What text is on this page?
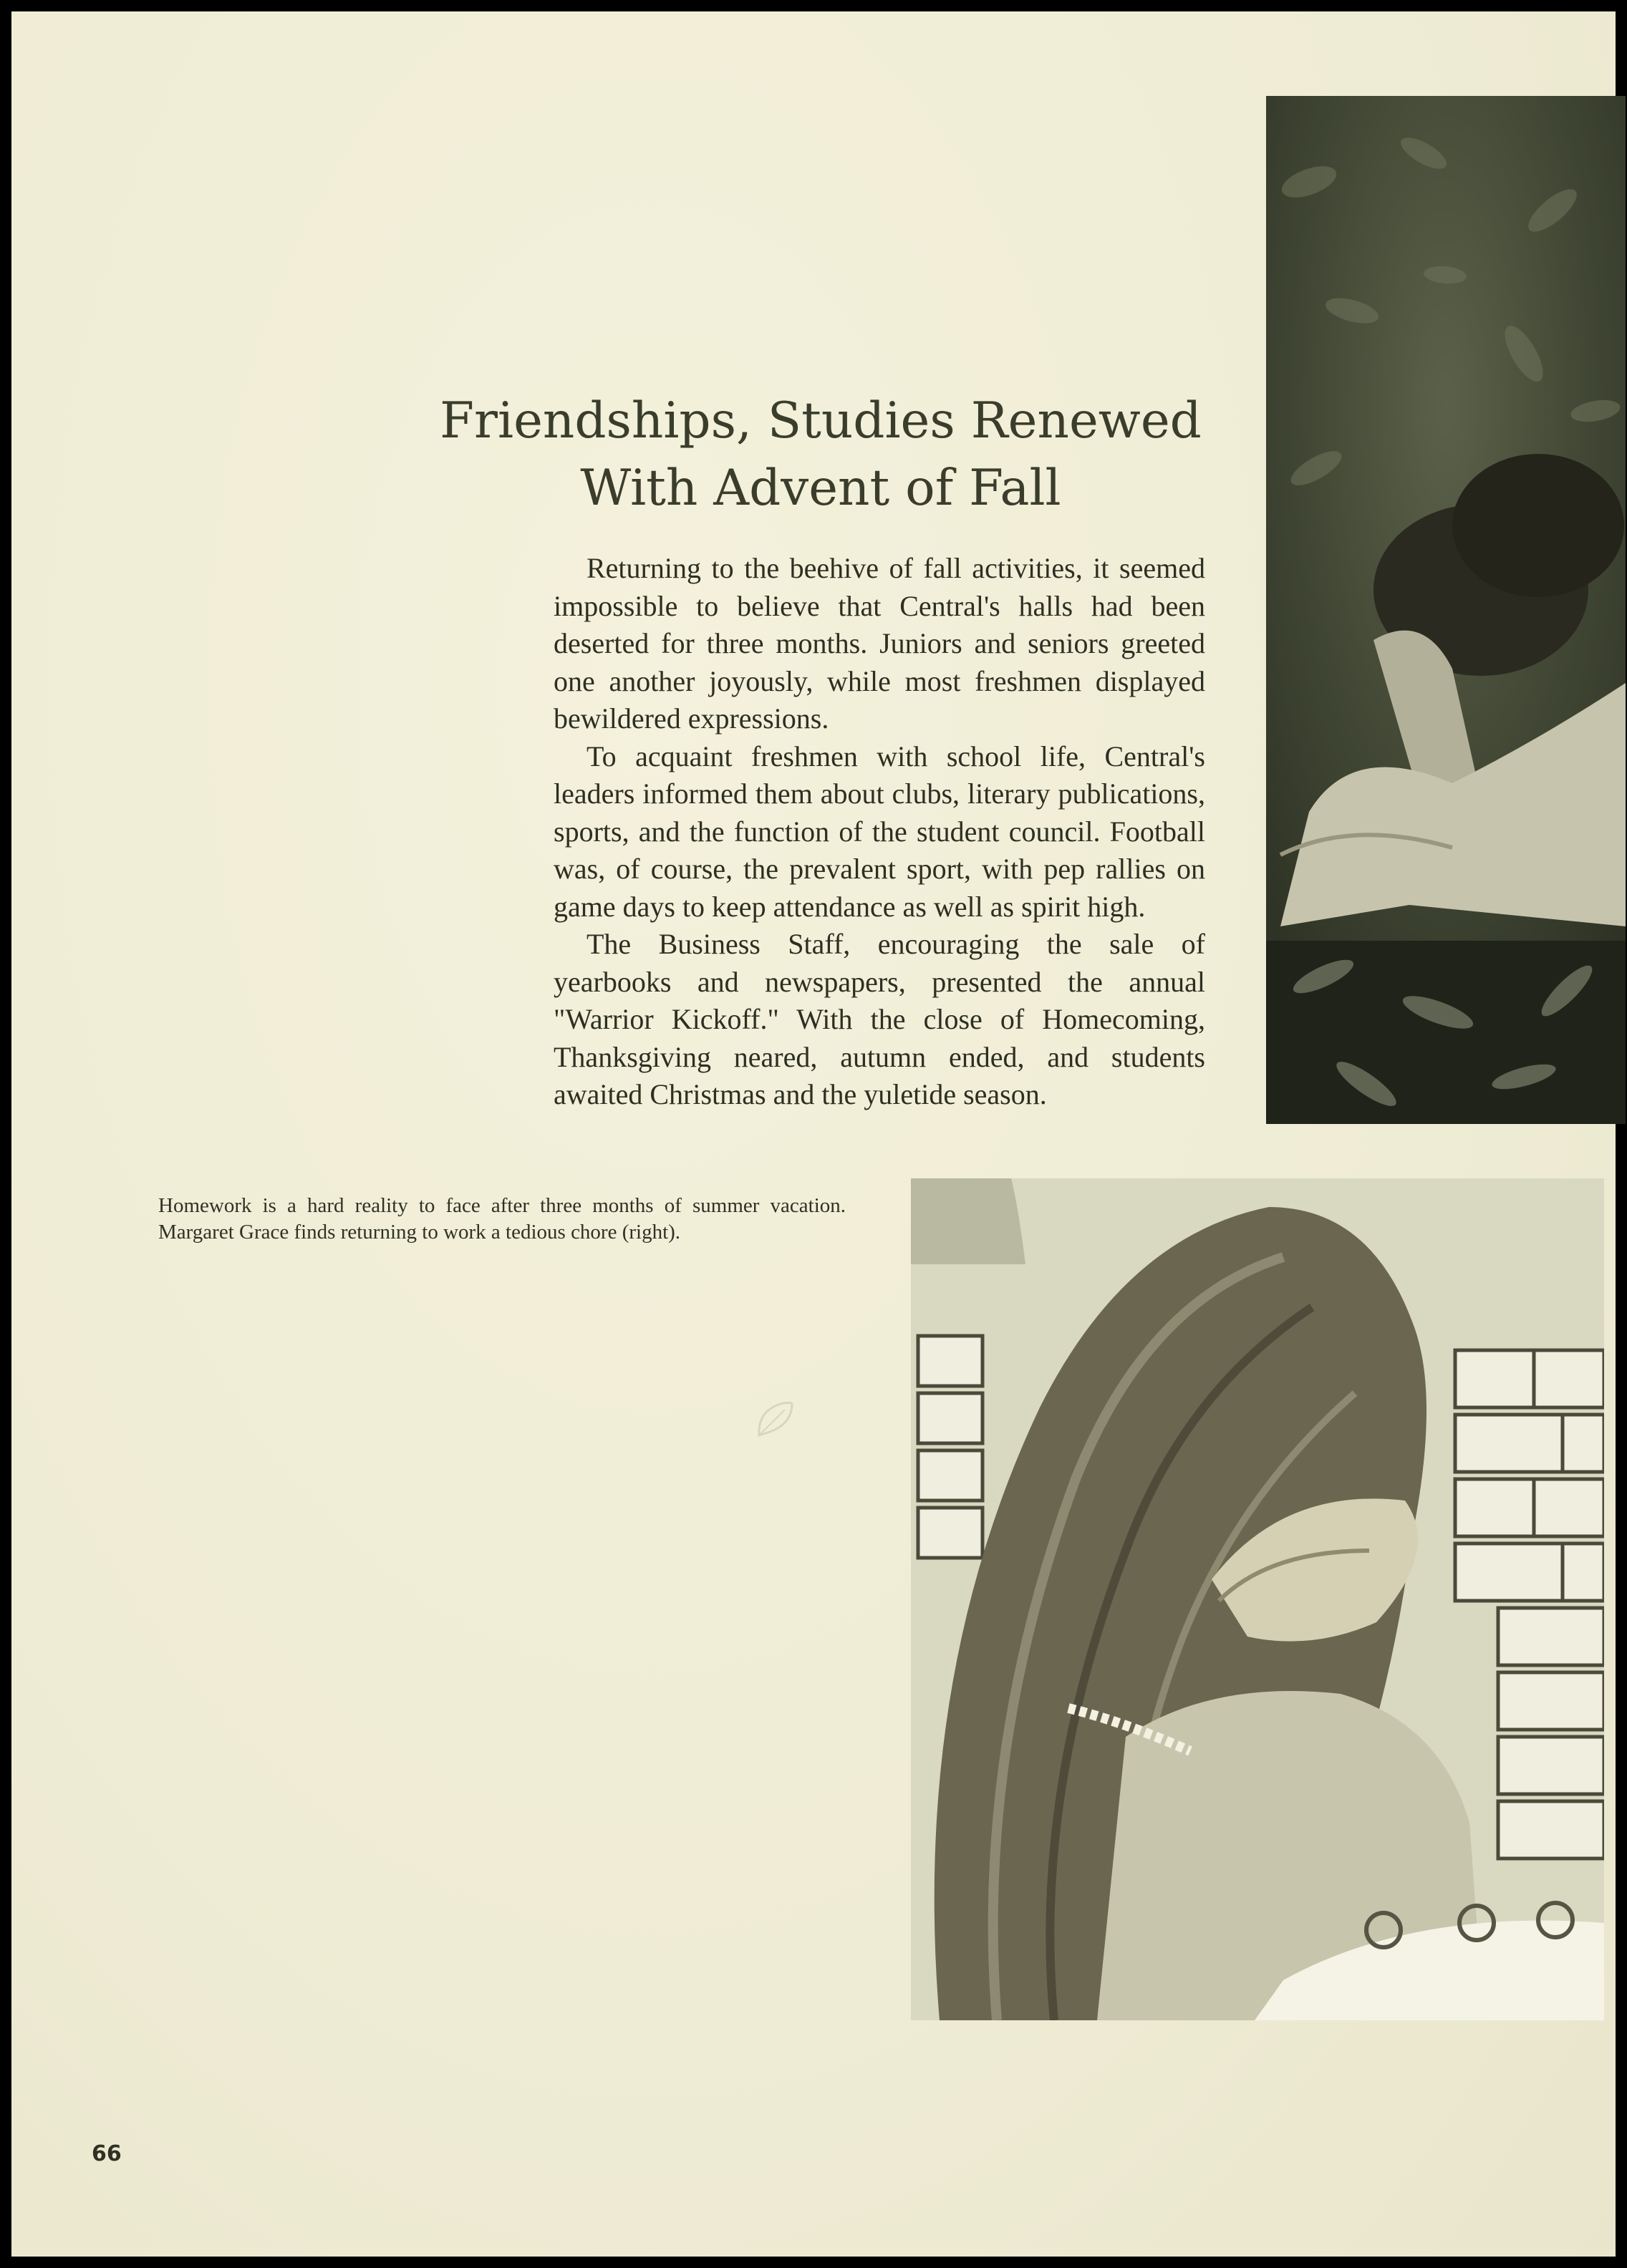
Friendships, Studies Renewed
With Advent of Fall

Returning to the beehive of fall activities, it seemed impossible to believe that Central's halls had been deserted for three months. Juniors and seniors greeted one another joyously, while most freshmen displayed bewildered expressions.

To acquaint freshmen with school life, Central's leaders informed them about clubs, literary publications, sports, and the function of the student council. Football was, of course, the prevalent sport, with pep rallies on game days to keep attendance as well as spirit high.

The Business Staff, encouraging the sale of yearbooks and newspapers, presented the annual "Warrior Kickoff." With the close of Homecoming, Thanksgiving neared, autumn ended, and students awaited Christmas and the yuletide season.

Homework is a hard reality to face after three months of summer vacation. Margaret Grace finds returning to work a tedious chore (right).
66
